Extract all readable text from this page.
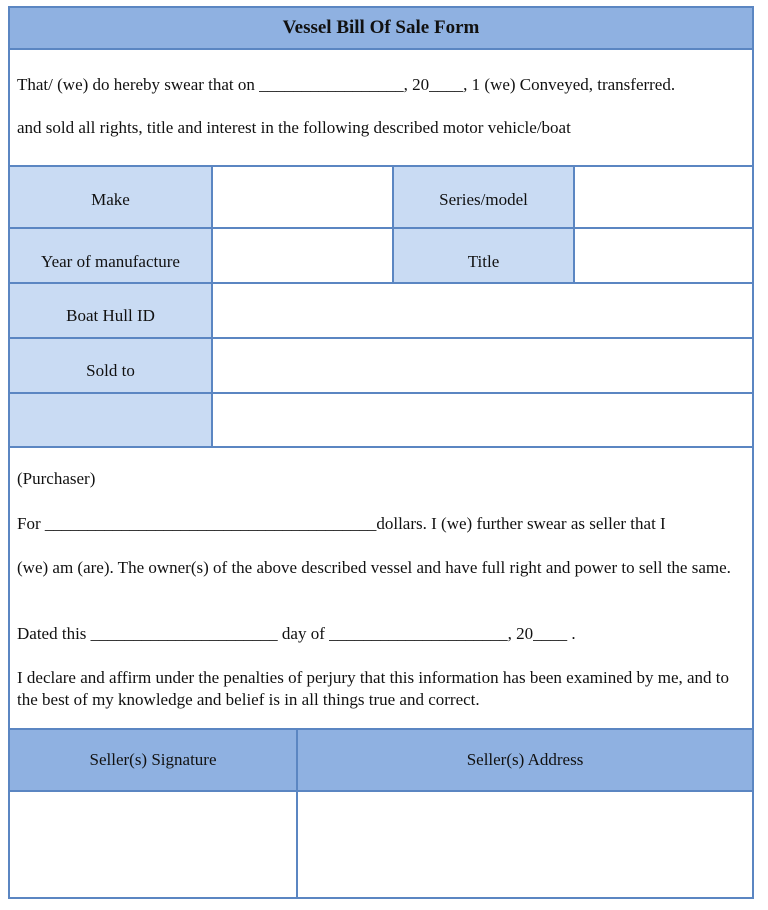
Vessel Bill Of Sale Form
That/ (we) do hereby swear that on _________________, 20____, 1 (we) Conveyed, transferred.
and sold all rights, title and interest in the following described motor vehicle/boat
Make	Series/model
Year of manufacture	Title
Boat Hull ID
Sold to
(Purchaser)
For _______________________________________dollars. I (we) further swear as seller that I
(we) am (are). The owner(s) of the above described vessel and have full right and power to sell the same.
Dated this ______________________ day of _____________________, 20____ .
I declare and affirm under the penalties of perjury that this information has been examined by me, and to the best of my knowledge and belief is in all things true and correct.
Seller(s) Signature	Seller(s) Address
